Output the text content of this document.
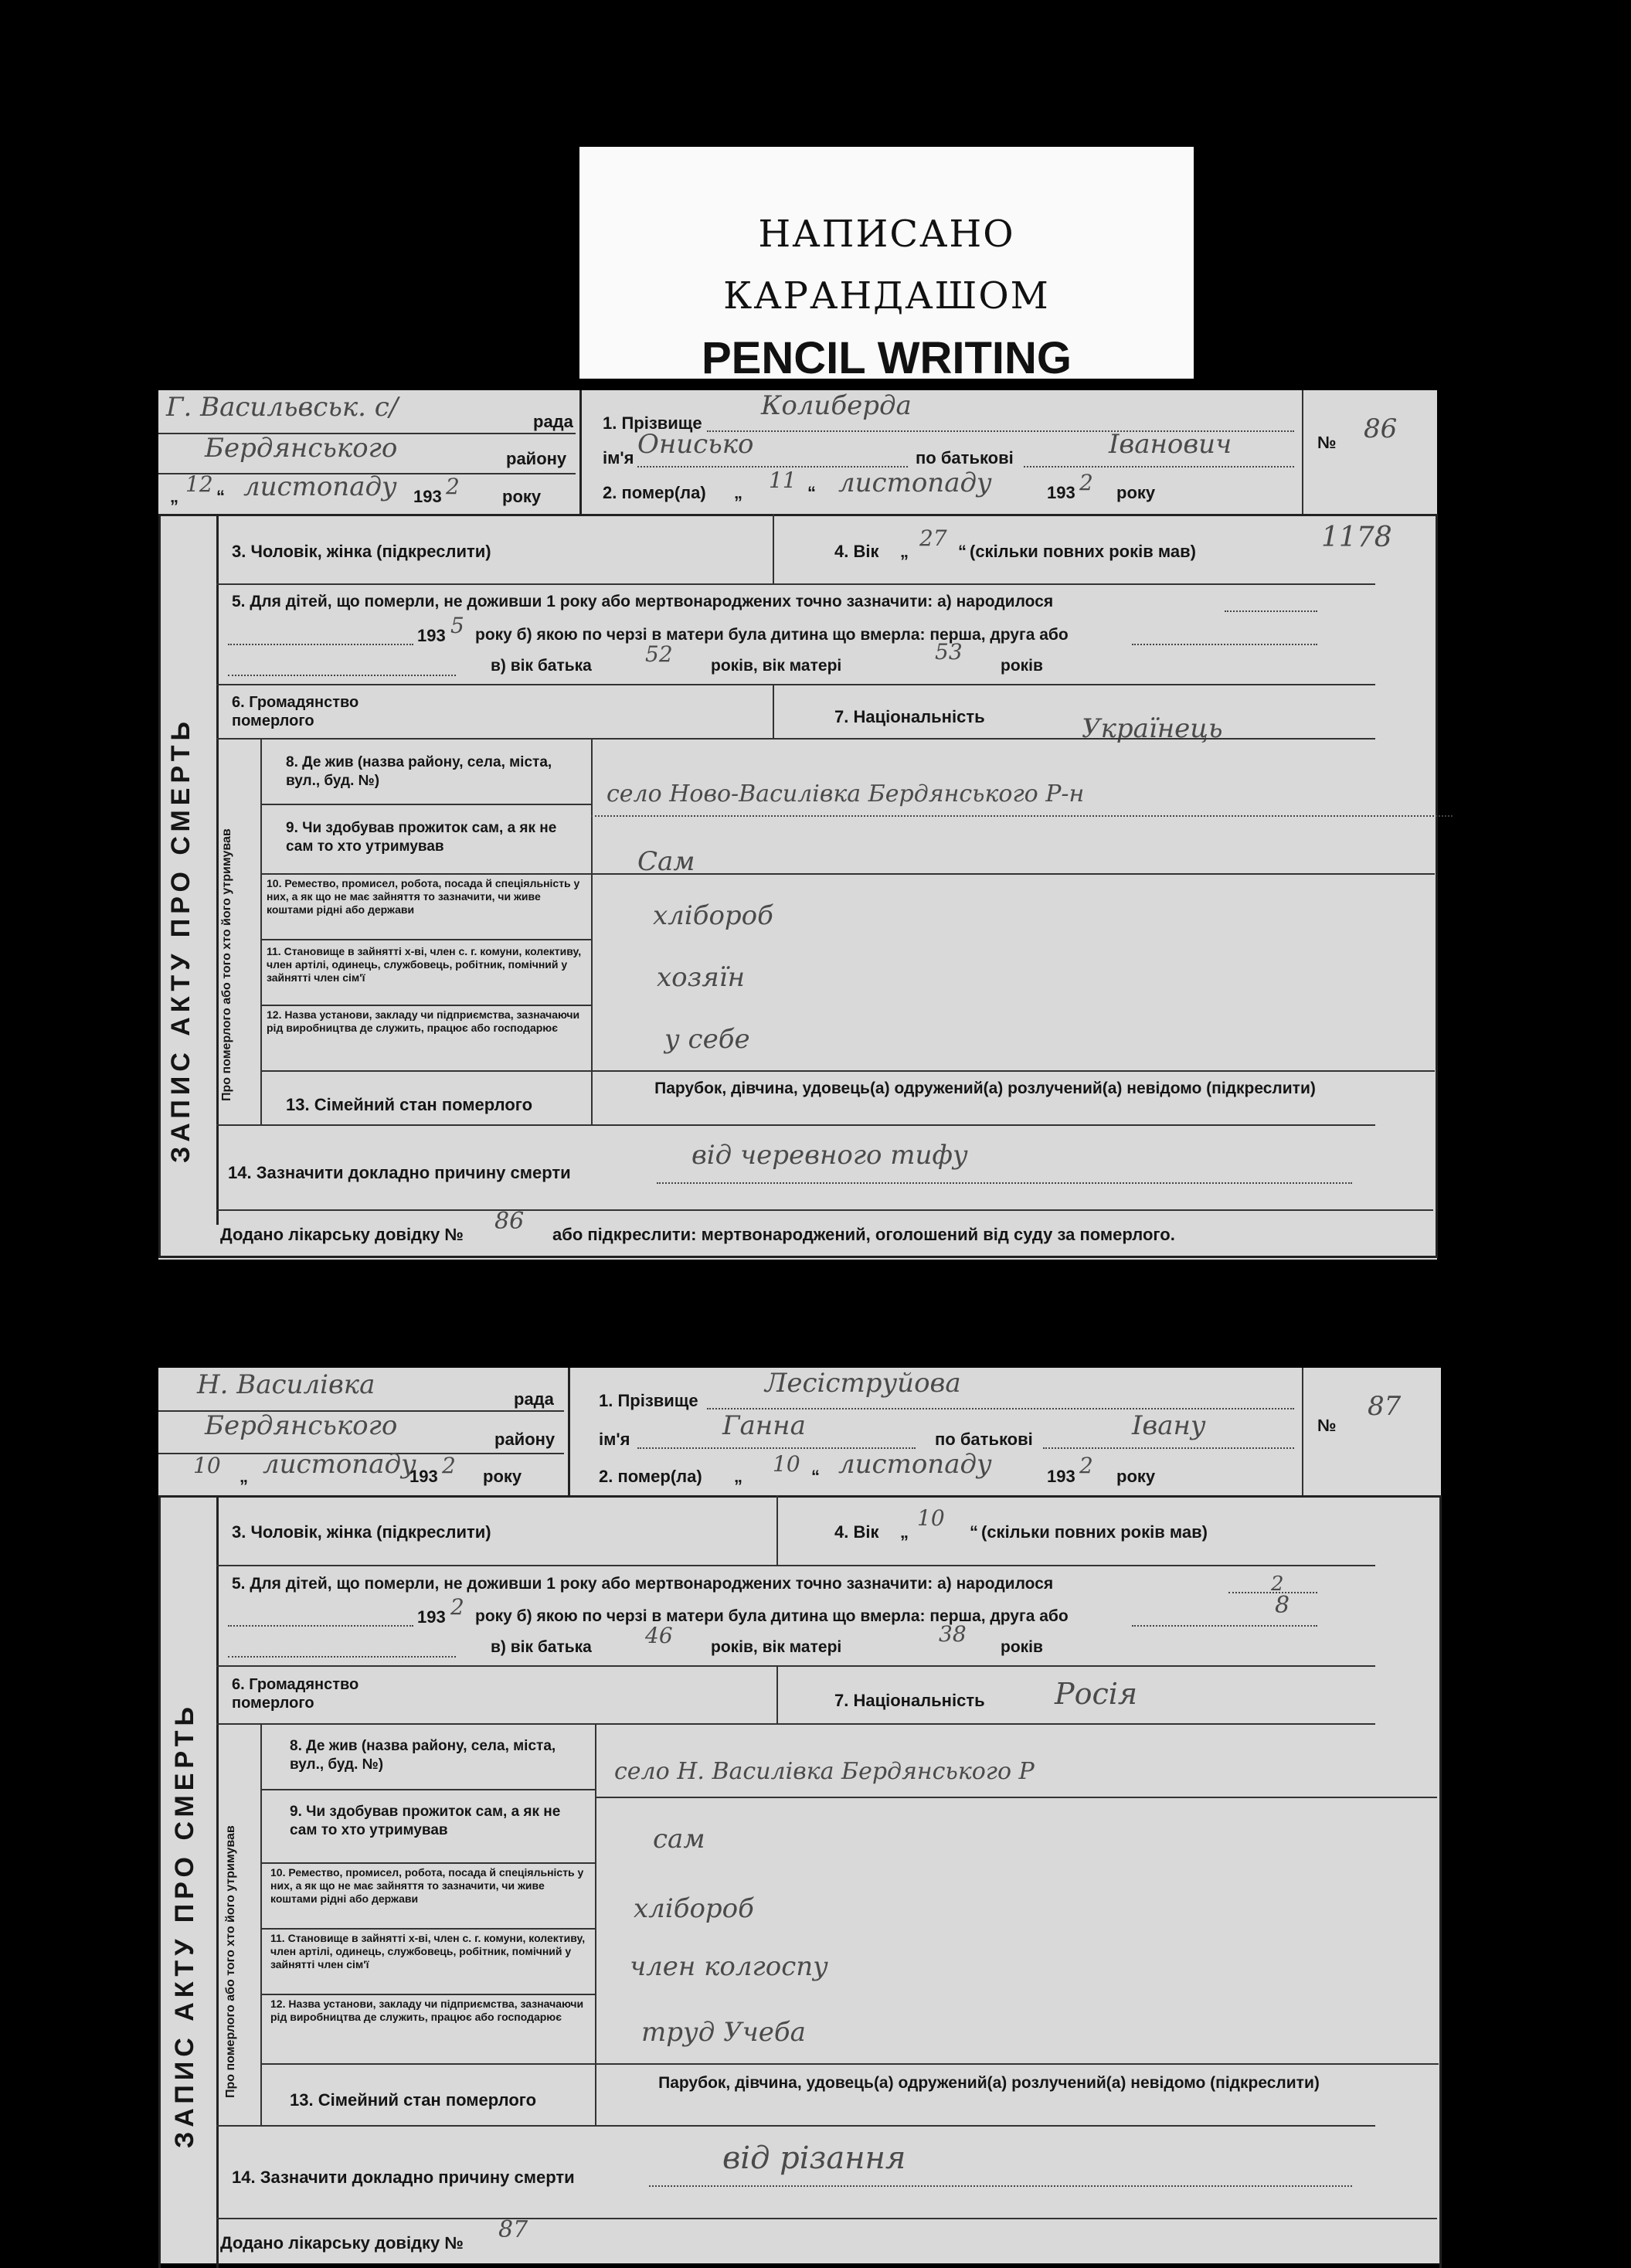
НАПИСАНО
КАРАНДАШОМ
PENCIL WRITING
Г. Васильвськ. с/	рада
Бердянського	району
„ 12 “ листопаду 193 2	року
1. Прізвище
Колиберда
ім'я Онисько	по батькові	Іванович
2. помер(ла) „ 11 “ листопаду	193 2 року
№ 86
ЗАПИС АКТУ ПРО СМЕРТЬ
3. Чоловік, жінка (підкреслити)	4. Вік „
27
“ (скільки повних років мав)	1178
5. Для дітей, що померли, не доживши 1 року або мертвонароджених точно зазначити: а) народилося
193 5 року б) якою по черзі в матери була дитина що вмерла: перша, друга або
в) вік батька 52 років, вік матері
53
років
6. Громадянство померлого	7. Національність	Українець
Про померлого або того хто його утримував
8. Де жив (назва району, села, міста, вул., буд. №)	село Ново-Василівка Бердянського Р-н
9. Чи здобував прожиток сам, а як не сам то хто утримував	Сам
10. Ремество, промисел, робота, посада й спеціяльність у них, а як що не має зайняття то зазначити, чи живе коштами рідні або держави	хлібороб
11. Становище в зайнятті х-ві, член с. г. комуни, колективу, член артілі, одинець, службовець, робітник, помічний у зайнятті член сім'ї	хозяїн
12. Назва установи, закладу чи підприємства, зазначаючи рід виробництва де служить, працює або господарює	у себе
13. Сімейний стан померлого
Парубок, дівчина, удовець(а) одружений(а) розлучений(а) невідомо (підкреслити)
14. Зазначити докладно причину смерти
від черевного тифу
Додано лікарську довідку № 86 або підкреслити: мертвонароджений, оголошений від суду за померлого.
Н. Василівка	рада
Бердянського	району
10 „ листопаду
193 2 року
1. Прізвище
Лесіструйова
ім'я	Ганна	по батькові	Івану
2. помер(ла) „ 10 “ листопаду	193 2 року
№
87
ЗАПИС АКТУ ПРО СМЕРТЬ
3. Чоловік, жінка (підкреслити)	4. Вік „
10
“ (скільки повних років мав)
5. Для дітей, що померли, не доживши 1 року або мертвонароджених точно зазначити: а) народилося	2
193 2 року б) якою по черзі в матери була дитина що вмерла: перша, друга або	8
в) вік батька 46 років, вік матері
38
років
6. Громадянство померлого	7. Національність Росія
Про померлого або того хто його утримував
8. Де жив (назва району, села, міста, вул., буд. №)	село Н. Василівка Бердянського Р
9. Чи здобував прожиток сам, а як не сам то хто утримував	сам
10. Ремество, промисел, робота, посада й спеціяльність у них, а як що не має зайняття то зазначити, чи живе коштами рідні або держави	хлібороб
11. Становище в зайнятті х-ві, член с. г. комуни, колективу, член артілі, одинець, службовець, робітник, помічний у зайнятті член сім'ї	член колгоспу
12. Назва установи, закладу чи підприємства, зазначаючи рід виробництва де служить, працює або господарює	труд Учеба
13. Сімейний стан померлого
Парубок, дівчина, удовець(а) одружений(а) розлучений(а) невідомо (підкреслити)
14. Зазначити докладно причину смерти
від різання
Додано лікарську довідку № 87
